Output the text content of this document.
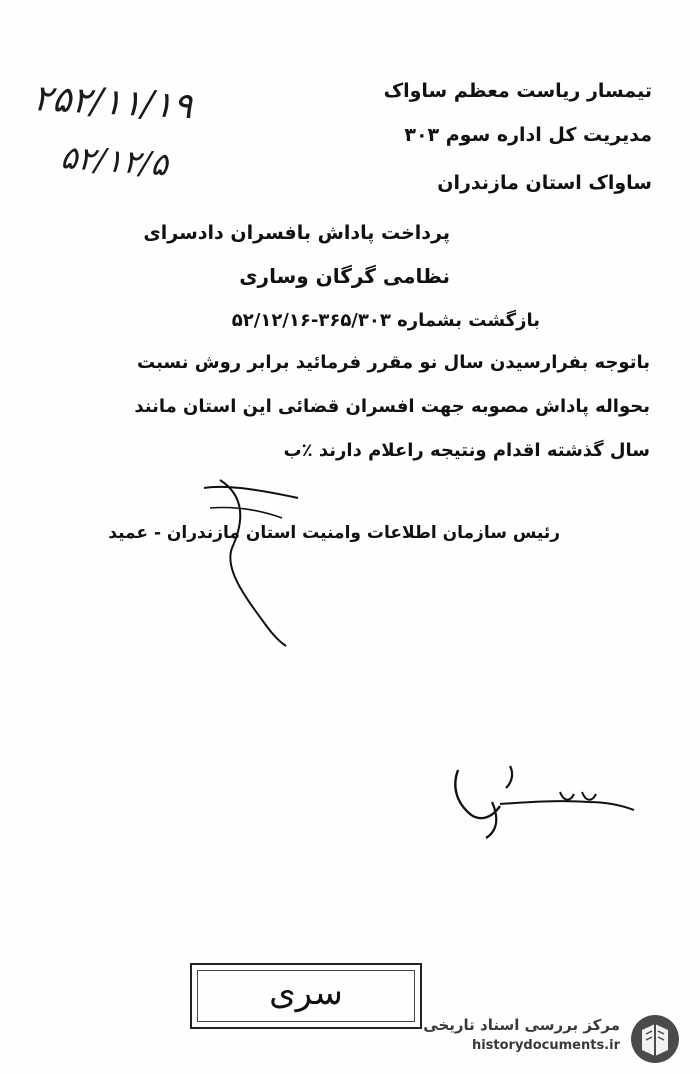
۲۵۲/۱۱/۱۹
۵۲/۱۲/۵
تیمسار ریاست معظم ساواک
مدیریت کل اداره سوم ۳۰۳
ساواک استان مازندران
پرداخت پاداش بافسران دادسرای
نظامی گرگان وساری
بازگشت بشماره ۳۶۵/۳۰۳-۵۲/۱۲/۱۶
باتوجه بفرارسیدن سال نو مقرر فرمائید برابر روش نسبت
بحواله پاداش مصوبه جهت افسران قضائی این استان مانند
سال گذشته اقدام ونتیجه راعلام دارند ٪ب
رئیس سازمان اطلاعات وامنیت استان مازندران - عمید
سری
مرکز بررسی اسناد تاریخی
historydocuments.ir
